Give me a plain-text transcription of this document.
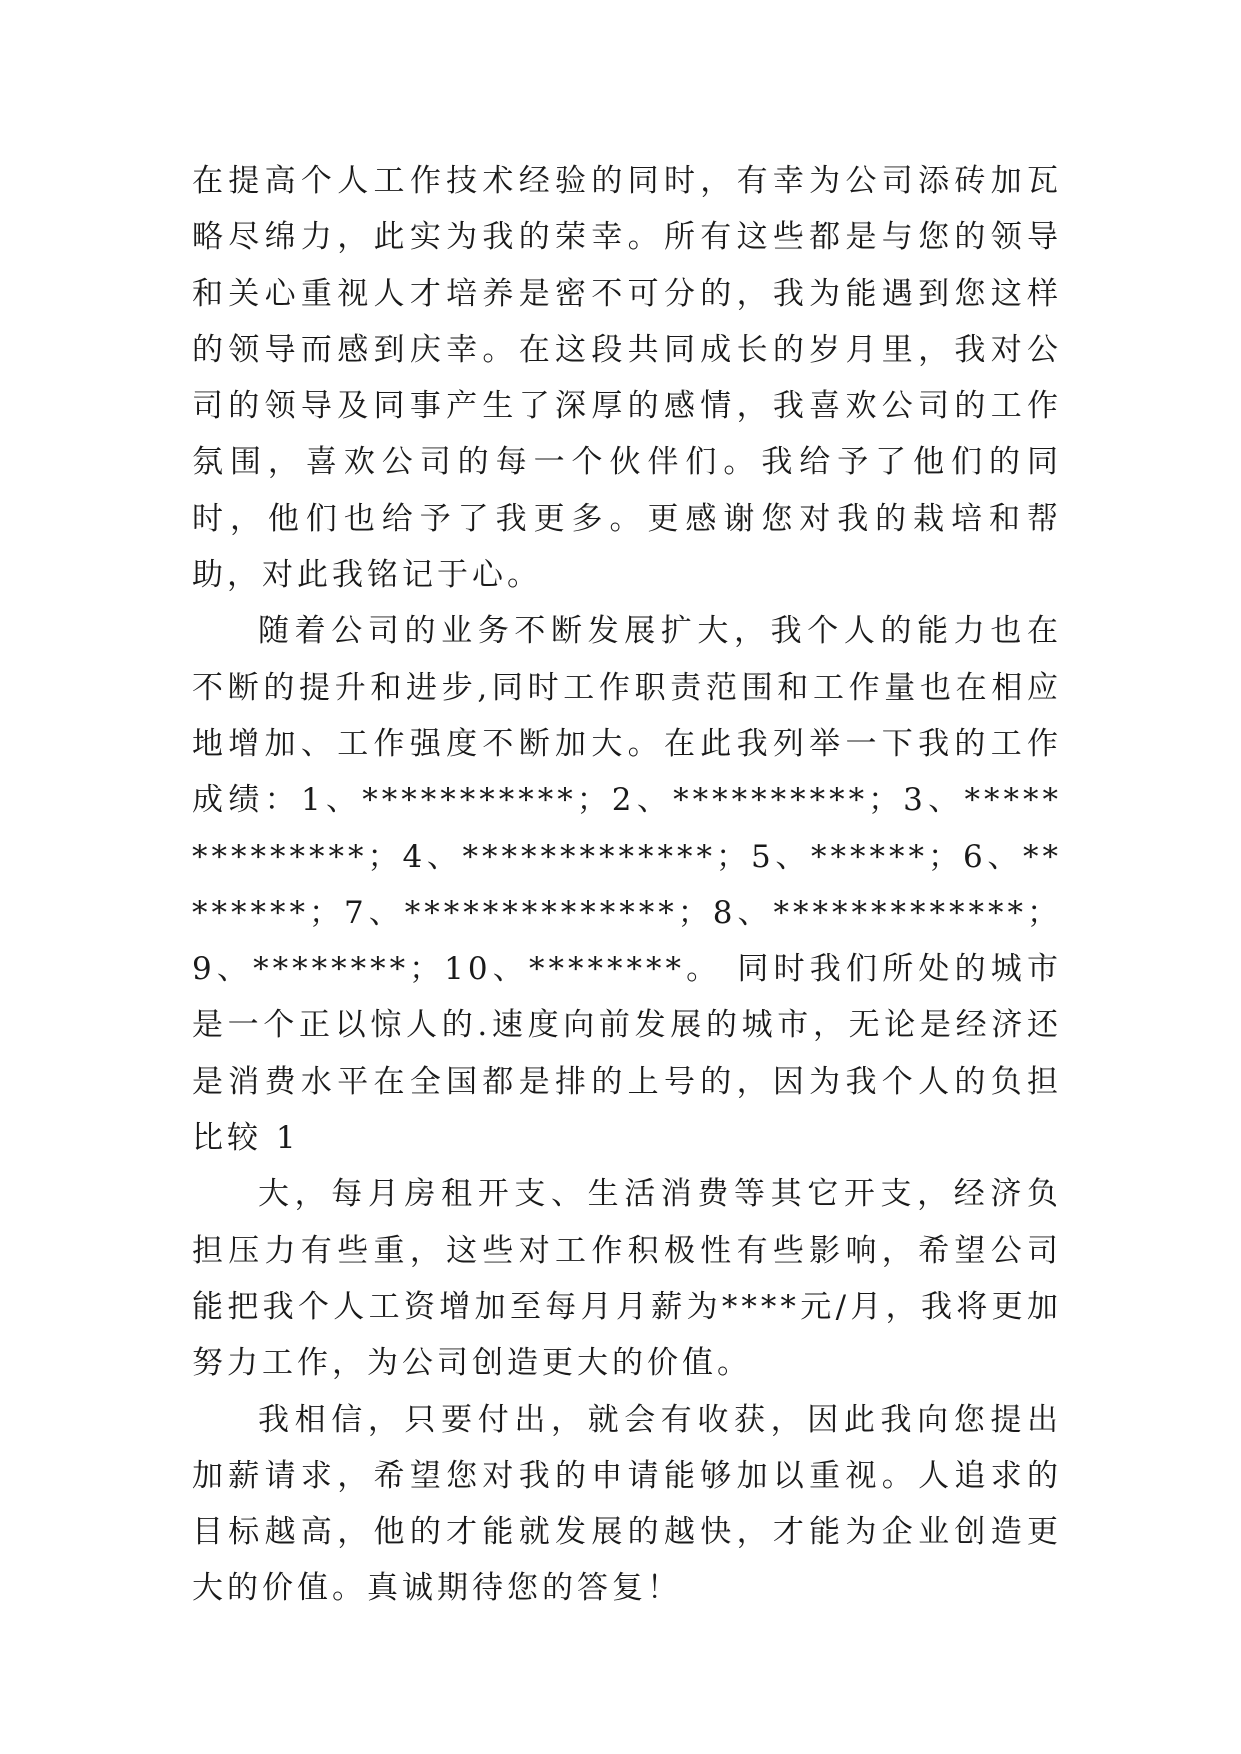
在提高个人工作技术经验的同时，有幸为公司添砖加瓦略尽绵力，此实为我的荣幸。所有这些都是与您的领导和关心重视人才培养是密不可分的，我为能遇到您这样的领导而感到庆幸。在这段共同成长的岁月里，我对公司的领导及同事产生了深厚的感情，我喜欢公司的工作氛围，喜欢公司的每一个伙伴们。我给予了他们的同时，他们也给予了我更多。更感谢您对我的栽培和帮助，对此我铭记于心。

随着公司的业务不断发展扩大，我个人的能力也在不断的提升和进步,同时工作职责范围和工作量也在相应地增加、工作强度不断加大。在此我列举一下我的工作成绩：1、***********；2、**********；3、**************；4、*************；5、******；6、********；7、**************；8、*************；9、********；10、********。 同时我们所处的城市是一个正以惊人的.速度向前发展的城市，无论是经济还是消费水平在全国都是排的上号的，因为我个人的负担比较 1

大，每月房租开支、生活消费等其它开支，经济负担压力有些重，这些对工作积极性有些影响，希望公司能把我个人工资增加至每月月薪为****元/月，我将更加努力工作，为公司创造更大的价值。

我相信，只要付出，就会有收获，因此我向您提出加薪请求，希望您对我的申请能够加以重视。人追求的目标越高，他的才能就发展的越快，才能为企业创造更大的价值。真诚期待您的答复！
